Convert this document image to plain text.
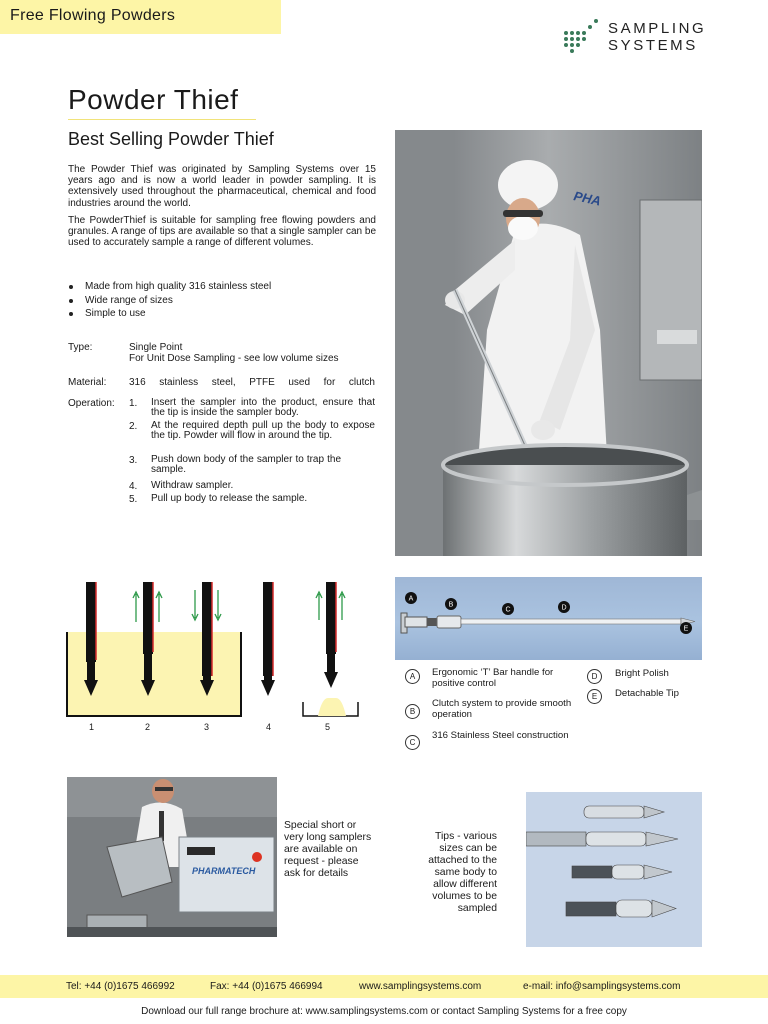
Free Flowing Powders
SAMPLING
SYSTEMS
Powder Thief
Best Selling Powder Thief
The Powder Thief was originated by Sampling Systems over 15 years ago and is now a world leader in powder sampling. It is extensively used throughout the pharmaceutical, chemical and food industries around the world.
The PowderThief is suitable for sampling free flowing powders and granules. A range of tips are available so that a single sampler can be used to accurately sample a range of different volumes.
Made from high quality 316 stainless steel
Wide range of sizes
Simple to use
Type:	Single Point
For Unit Dose Sampling - see low volume sizes
Material: 316 stainless steel, PTFE used for clutch
Operation: 1.	Insert the sampler into the product, ensure that the tip is inside the sampler body.
2.	At the required depth pull up the body to expose the tip. Powder will flow in around the tip.
3.	Push down body of the sampler to trap the sample.
4.	Withdraw sampler.
5.	Pull up body to release the sample.
PHA
1	2	3	4	5
A
B
C	D
E
A	Ergonomic ‘T’ Bar handle for positive control
B
Clutch system to provide smooth operation
C
316 Stainless Steel construction
D	Bright Polish
E	Detachable Tip
PHARMATECH
Special short or very long samplers are available on request - please ask for details
Tips - various sizes can be attached to the same body to allow different volumes to be sampled
Tel: +44 (0)1675 466992	Fax: +44 (0)1675 466994	www.samplingsystems.com	e-mail: info@samplingsystems.com
Download our full range brochure at: www.samplingsystems.com or contact Sampling Systems for a free copy
